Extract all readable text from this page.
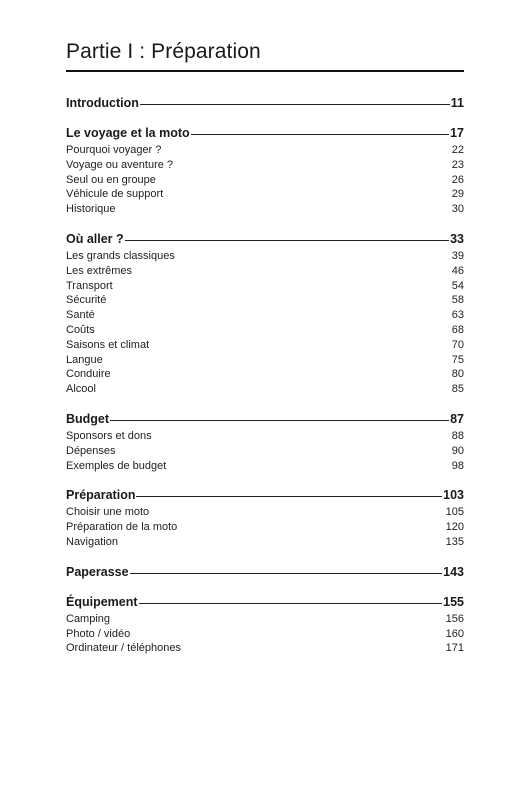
Partie I : Préparation
Introduction	11
Le voyage et la moto	17
Pourquoi voyager ?	22
Voyage ou aventure ?	23
Seul ou en groupe	26
Véhicule de support	29
Historique	30
Où aller ?	33
Les grands classiques	39
Les extrêmes	46
Transport	54
Sécurité	58
Santé	63
Coûts	68
Saisons et climat	70
Langue	75
Conduire	80
Alcool	85
Budget	87
Sponsors et dons	88
Dépenses	90
Exemples de budget	98
Préparation	103
Choisir une moto	105
Préparation de la moto	120
Navigation	135
Paperasse	143
Équipement	155
Camping	156
Photo / vidéo	160
Ordinateur / téléphones	171
